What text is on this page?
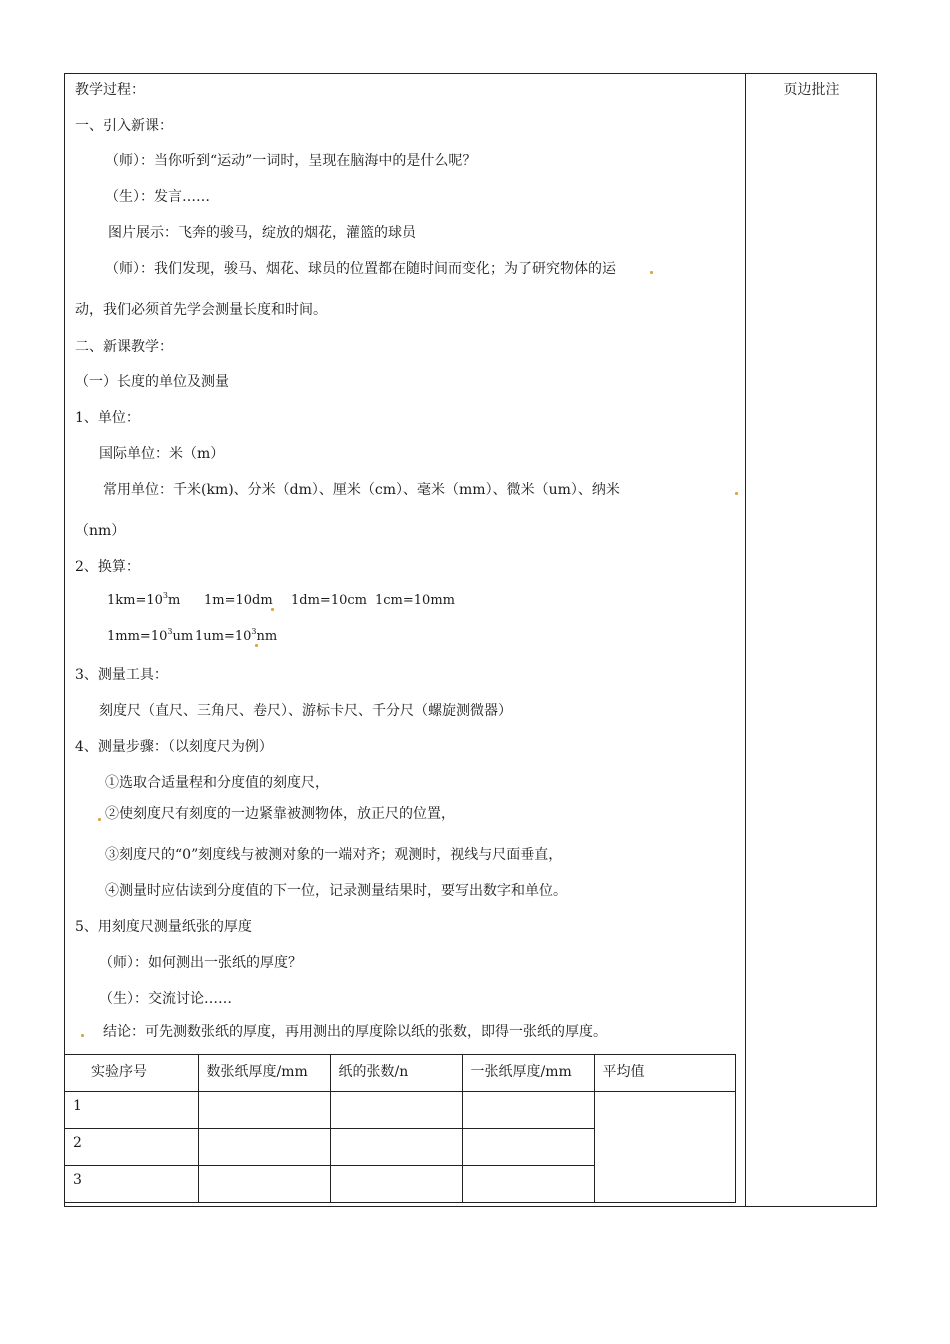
页边批注
教学过程：
一、引入新课：
（师）：当你听到“运动”一词时，呈现在脑海中的是什么呢？
（生）：发言……
图片展示：飞奔的骏马，绽放的烟花，灌篮的球员
（师）：我们发现，骏马、烟花、球员的位置都在随时间而变化；为了研究物体的运
动，我们必须首先学会测量长度和时间。
二、新课教学：
（一）长度的单位及测量
1、单位：
国际单位：米（m）
常用单位：千米(km)、分米（dm）、厘米（cm）、毫米（mm）、微米（um）、纳米
（nm）
2、换算：
$1km=10^3m$ 1m=10dm 1dm=10cm 1cm=10mm
$1mm=10^3um$ $1um=10^3nm$
3、测量工具：
刻度尺（直尺、三角尺、卷尺）、游标卡尺、千分尺（螺旋测微器）
4、测量步骤：（以刻度尺为例）
①选取合适量程和分度值的刻度尺，
②使刻度尺有刻度的一边紧靠被测物体，放正尺的位置，
③刻度尺的“0”刻度线与被测对象的一端对齐；观测时，视线与尺面垂直，
④测量时应估读到分度值的下一位，记录测量结果时，要写出数字和单位。
5、用刻度尺测量纸张的厚度
（师）：如何测出一张纸的厚度？
（生）：交流讨论……
结论：可先测数张纸的厚度，再用测出的厚度除以纸的张数，即得一张纸的厚度。
实验序号	数张纸厚度/mm	纸的张数/n	一张纸厚度/mm	平均值
1				
2				
3				
